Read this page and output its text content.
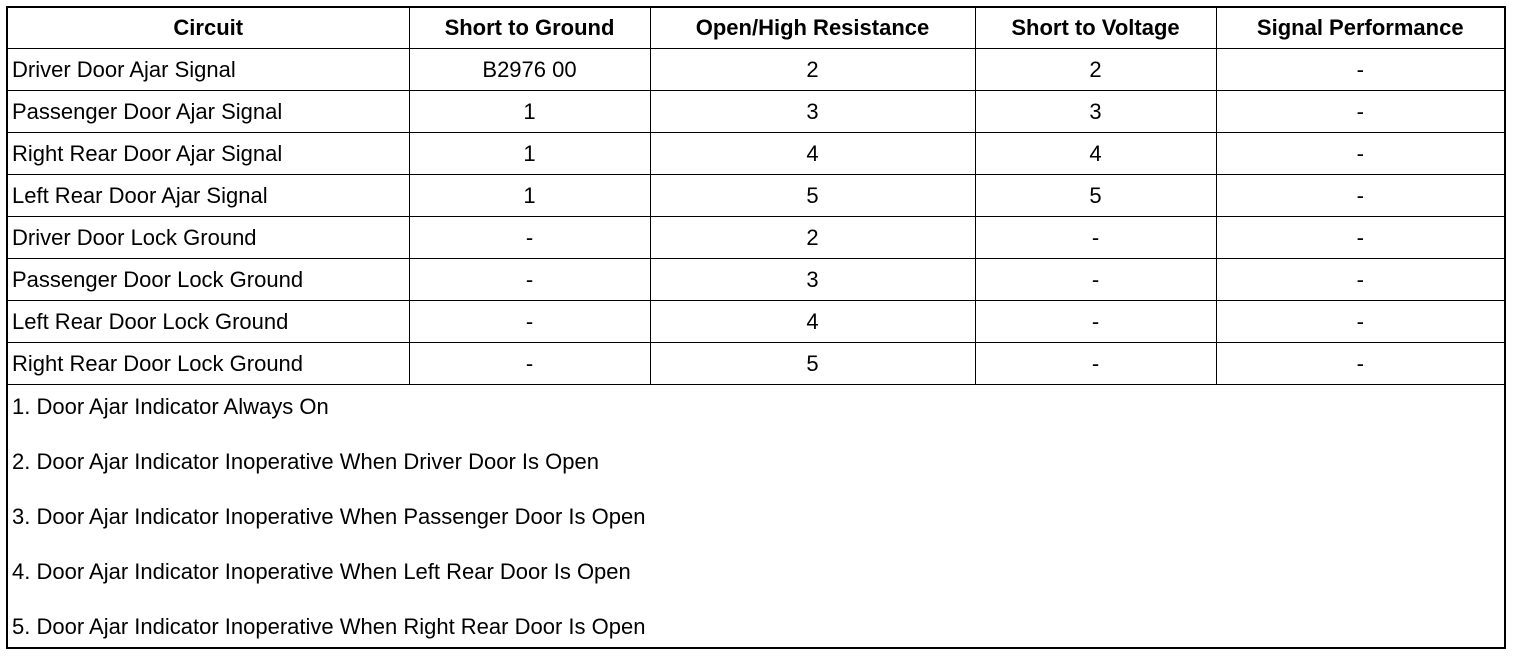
Circuit	Short to Ground	Open/High Resistance	Short to Voltage	Signal Performance
Driver Door Ajar Signal	B2976 00	2	2	-
Passenger Door Ajar Signal	1	3	3	-
Right Rear Door Ajar Signal	1	4	4	-
Left Rear Door Ajar Signal	1	5	5	-
Driver Door Lock Ground	-	2	-	-
Passenger Door Lock Ground	-	3	-	-
Left Rear Door Lock Ground	-	4	-	-
Right Rear Door Lock Ground	-	5	-	-
1. Door Ajar Indicator Always On
2. Door Ajar Indicator Inoperative When Driver Door Is Open
3. Door Ajar Indicator Inoperative When Passenger Door Is Open
4. Door Ajar Indicator Inoperative When Left Rear Door Is Open
5. Door Ajar Indicator Inoperative When Right Rear Door Is Open
